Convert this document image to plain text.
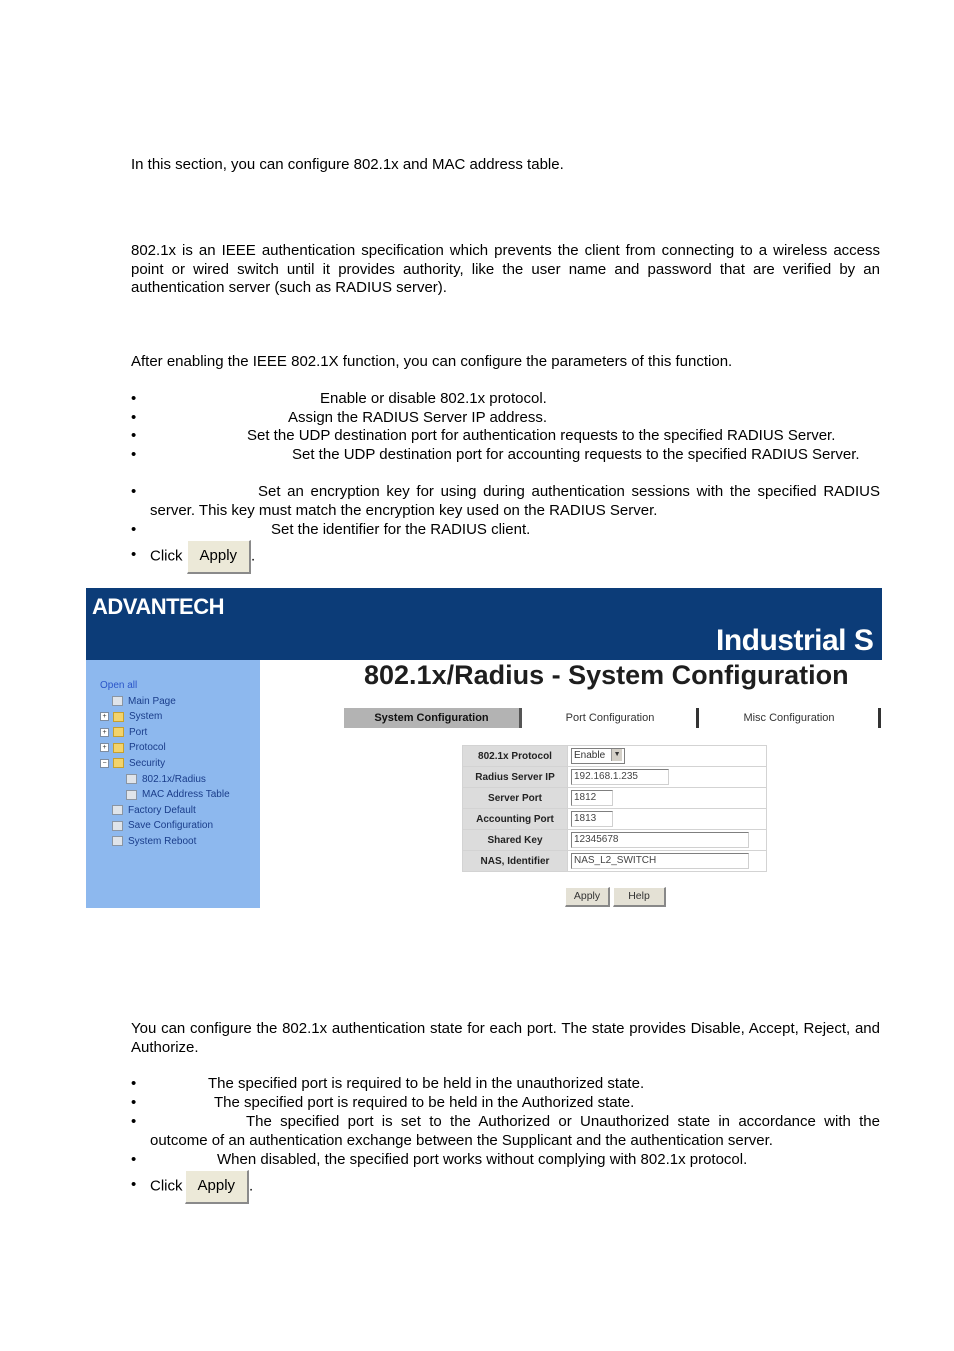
In this section, you can configure 802.1x and MAC address table.

802.1x is an IEEE authentication specification which prevents the client from connecting to a wireless access point or wired switch until it provides authority, like the user name and password that are verified by an authentication server (such as RADIUS server).

After enabling the IEEE 802.1X function, you can configure the parameters of this function.

•	Enable or disable 802.1x protocol.
•	Assign the RADIUS Server IP address.
•	Set the UDP destination port for authentication requests to the specified RADIUS Server.
•	Set the UDP destination port for accounting requests to the specified RADIUS Server.
•	Set an encryption key for using during authentication sessions with the specified RADIUS server. This key must match the encryption key used on the RADIUS Server.
•	Set the identifier for the RADIUS client.
• Click Apply .
ADVANTECH
Industrial S
Open all
Main Page
+ System
+ Port
+ Protocol
− Security
802.1x/Radius
MAC Address Table
Factory Default
Save Configuration
System Reboot
802.1x/Radius - System Configuration
System Configuration	Port Configuration	Misc Configuration
802.1x Protocol	Enable ▼
Radius Server IP	192.168.1.235
Server Port	1812
Accounting Port	1813
Shared Key	12345678
NAS, Identifier	NAS_L2_SWITCH
Apply	Help

You can configure the 802.1x authentication state for each port. The state provides Disable, Accept, Reject, and Authorize.

•	The specified port is required to be held in the unauthorized state.
•	The specified port is required to be held in the Authorized state.
•	The specified port is set to the Authorized or Unauthorized state in accordance with the outcome of an authentication exchange between the Supplicant and the authentication server.
•	When disabled, the specified port works without complying with 802.1x protocol.
• Click Apply .
